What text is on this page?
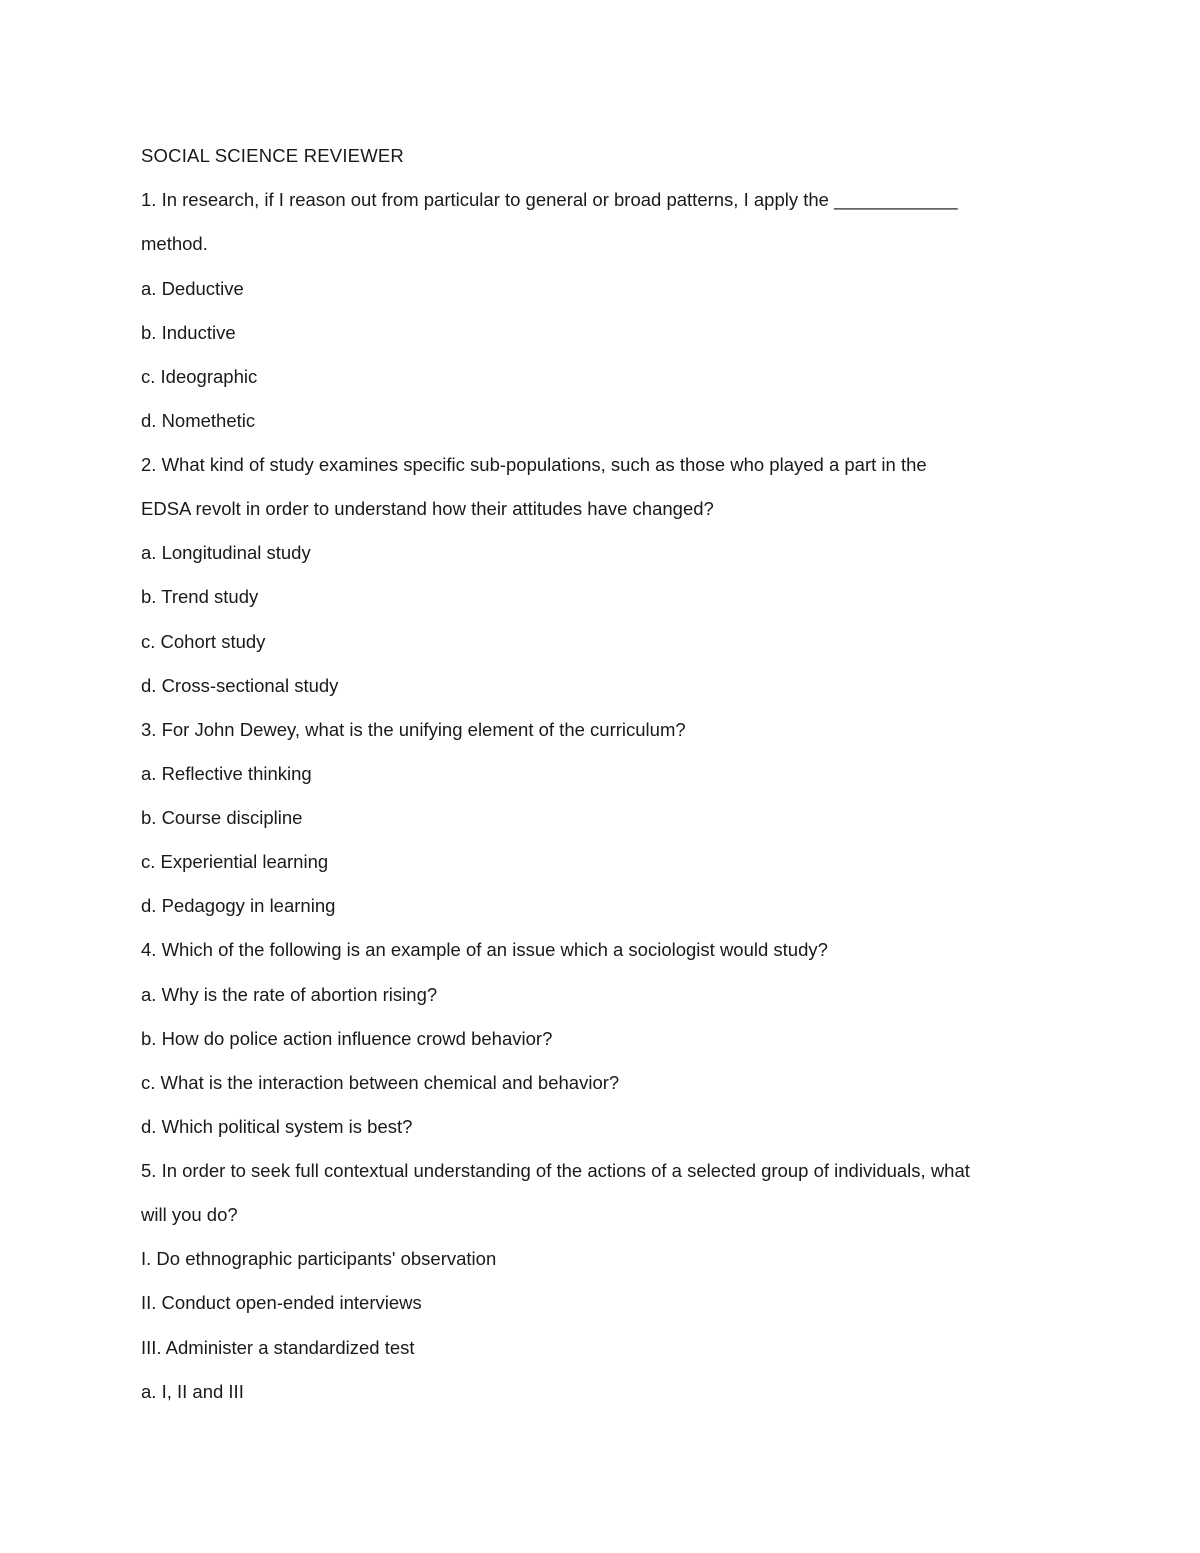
SOCIAL SCIENCE REVIEWER
1. In research, if I reason out from particular to general or broad patterns, I apply the ____________
method.
a. Deductive
b. Inductive
c. Ideographic
d. Nomethetic
2. What kind of study examines specific sub-populations, such as those who played a part in the
EDSA revolt in order to understand how their attitudes have changed?
a. Longitudinal study
b. Trend study
c. Cohort study
d. Cross-sectional study
3. For John Dewey, what is the unifying element of the curriculum?
a. Reflective thinking
b. Course discipline
c. Experiential learning
d. Pedagogy in learning
4. Which of the following is an example of an issue which a sociologist would study?
a. Why is the rate of abortion rising?
b. How do police action influence crowd behavior?
c. What is the interaction between chemical and behavior?
d. Which political system is best?
5. In order to seek full contextual understanding of the actions of a selected group of individuals, what
will you do?
I. Do ethnographic participants' observation
II. Conduct open-ended interviews
III. Administer a standardized test
a. I, II and III
